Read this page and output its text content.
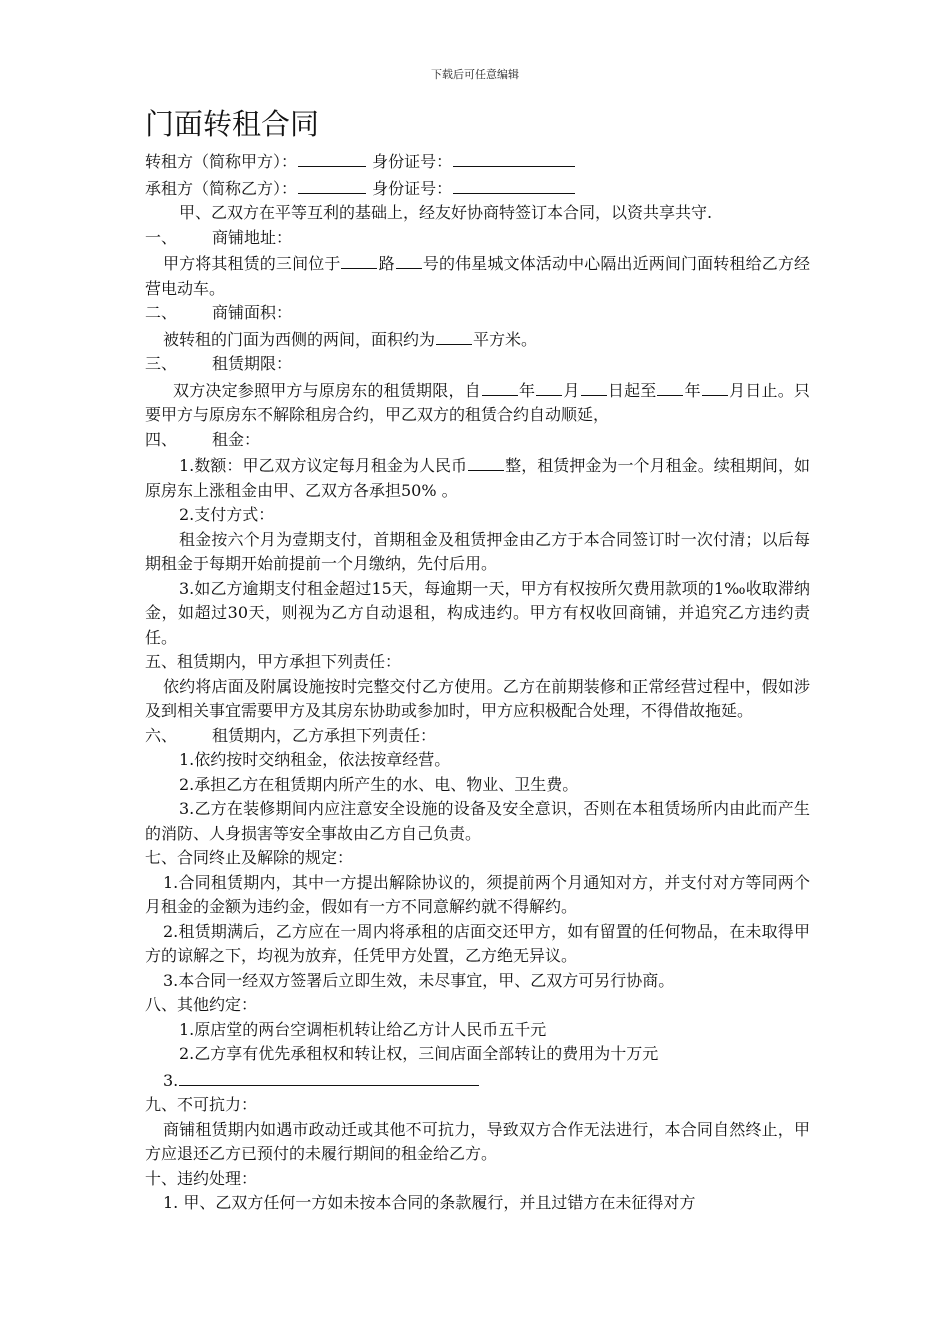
下载后可任意编辑
门面转租合同

转租方（简称甲方）：	身份证号：

承租方（简称乙方）：	身份证号：

甲、乙双方在平等互利的基础上，经友好协商特签订本合同，以资共享共守.

一、	商铺地址：

甲方将其租赁的三间位于 路 号的伟星城文体活动中心隔出近两间门面转租给乙方经营电动车。

二、	商铺面积：

被转租的门面为西侧的两间，面积约为 平方米。

三、	租赁期限：

双方决定参照甲方与原房东的租赁期限，自 年 月 日起至 年 月日止。只要甲方与原房东不解除租房合约，甲乙双方的租赁合约自动顺延，

四、	租金：

1.数额：甲乙双方议定每月租金为人民币 整，租赁押金为一个月租金。续租期间，如原房东上涨租金由甲、乙双方各承担50% 。

2.支付方式：

租金按六个月为壹期支付，首期租金及租赁押金由乙方于本合同签订时一次付清；以后每期租金于每期开始前提前一个月缴纳，先付后用。

3.如乙方逾期支付租金超过15天，每逾期一天，甲方有权按所欠费用款项的1‰收取滞纳金，如超过30天，则视为乙方自动退租，构成违约。甲方有权收回商铺，并追究乙方违约责任。

五、租赁期内，甲方承担下列责任：

依约将店面及附属设施按时完整交付乙方使用。乙方在前期装修和正常经营过程中，假如涉及到相关事宜需要甲方及其房东协助或参加时，甲方应积极配合处理，不得借故拖延。

六、	租赁期内，乙方承担下列责任：

1.依约按时交纳租金，依法按章经营。

2.承担乙方在租赁期内所产生的水、电、物业、卫生费。

3.乙方在装修期间内应注意安全设施的设备及安全意识，否则在本租赁场所内由此而产生的消防、人身损害等安全事故由乙方自己负责。

七、合同终止及解除的规定：

1.合同租赁期内，其中一方提出解除协议的，须提前两个月通知对方，并支付对方等同两个月租金的金额为违约金，假如有一方不同意解约就不得解约。

2.租赁期满后，乙方应在一周内将承租的店面交还甲方，如有留置的任何物品，在未取得甲方的谅解之下，均视为放弃，任凭甲方处置，乙方绝无异议。

3.本合同一经双方签署后立即生效，未尽事宜，甲、乙双方可另行协商。

八、其他约定：

1.原店堂的两台空调柜机转让给乙方计人民币五千元

2.乙方享有优先承租权和转让权，三间店面全部转让的费用为十万元

3.

九、不可抗力：

商铺租赁期内如遇市政动迁或其他不可抗力，导致双方合作无法进行，本合同自然终止，甲方应退还乙方已预付的未履行期间的租金给乙方。

十、违约处理：

1. 甲、乙双方任何一方如未按本合同的条款履行，并且过错方在未征得对方
